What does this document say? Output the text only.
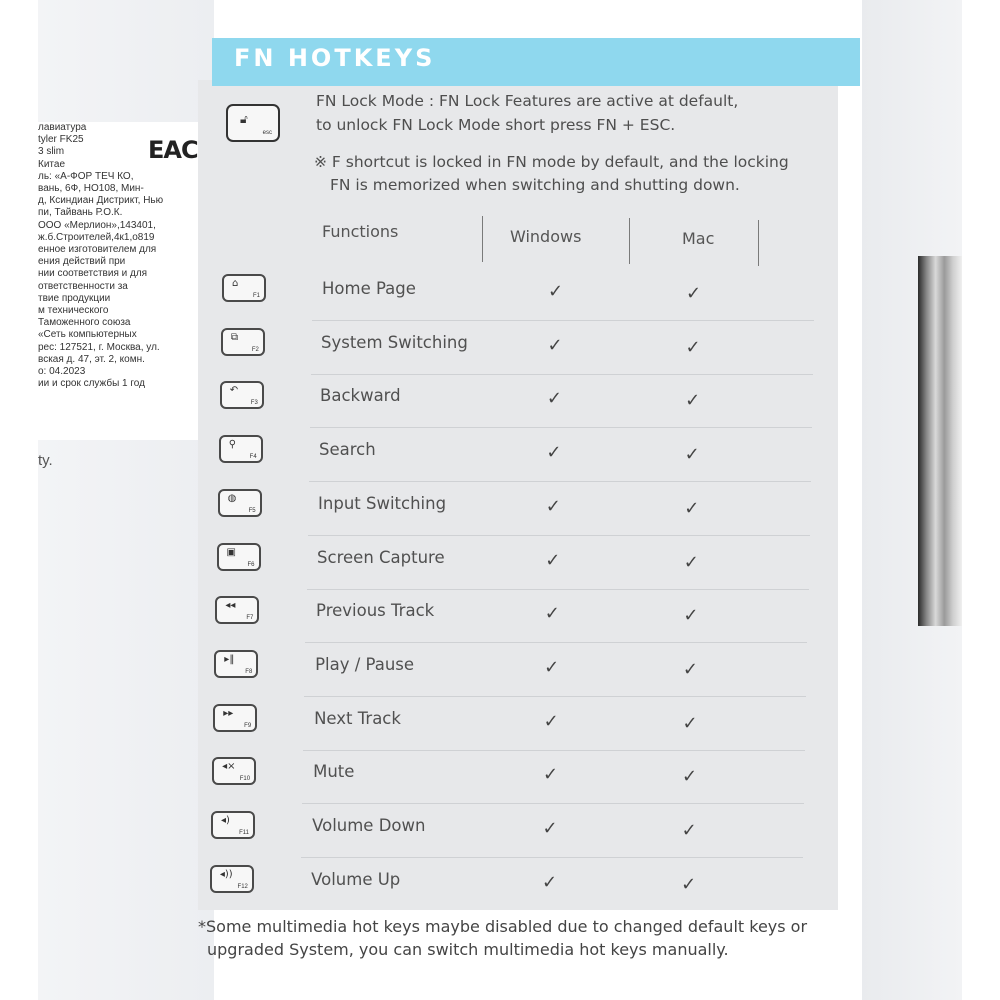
лавиатура
tyler FK25
3 slim
Китае
ль: «А-ФОР ТЕЧ КО,
вань, 6Ф, НО108, Мин-
д, Ксиндиан Дистрикт, Нью
пи, Тайвань Р.О.К.
ООО «Мерлион»,143401,
ж.б.Строителей,4к1,о819
енное изготовителем для
ения действий при
нии соответствия и для
ответственности за
твие продукции
м технического
Таможенного союза
«Сеть компьютерных
рес: 127521, г. Москва, ул.
вская д. 47, эт. 2, комн.
о: 04.2023
ии и срок службы 1 год
EAC
ty.
FN HOTKEYS
🔓︎
esc
FN Lock Mode : FN Lock Features are active at default,
to unlock FN Lock Mode short press FN + ESC.
※ F shortcut is locked in FN mode by default, and the locking
FN is memorized when switching and shutting down.
Functions	Windows	Mac
⌂
F1	Home Page	✓	✓
⧉
F2	System Switching	✓	✓
↶
F3	Backward	✓	✓
⚲
F4	Search	✓	✓
◍
F5	Input Switching	✓	✓
▣
F6	Screen Capture	✓	✓
◂◂
F7	Previous Track	✓	✓
▸‖
F8	Play / Pause	✓	✓
▸▸
F9	Next Track	✓	✓
◂×
F10	Mute	✓	✓
◂)
F11	Volume Down	✓	✓
◂))
F12	Volume Up	✓	✓
*Some multimedia hot keys maybe disabled due to changed default keys or
upgraded System, you can switch multimedia hot keys manually.
